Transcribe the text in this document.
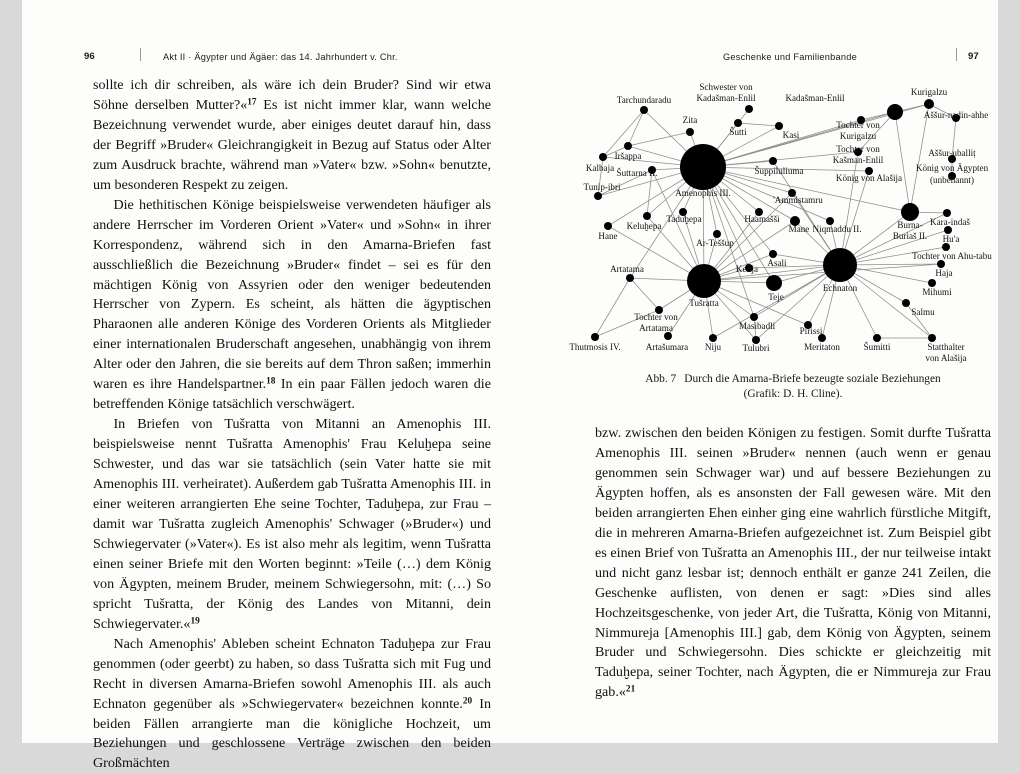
96	Akt II · Ägypter und Ägäer: das 14. Jahrhundert v. Chr.	Geschenke und Familienbande	97

sollte ich dir schreiben, als wäre ich dein Bruder? Sind wir etwa Söhne derselben Mutter?«$^{17}$ Es ist nicht immer klar, wann welche Bezeichnung verwendet wurde, aber einiges deutet darauf hin, dass der Begriff »Bruder« Gleichrangigkeit in Bezug auf Status oder Alter zum Ausdruck brachte, während man »Vater« bzw. »Sohn« benutzte, um besonderen Respekt zu zeigen.

Die hethitischen Könige beispielsweise verwendeten häufiger als andere Herrscher im Vorderen Orient »Vater« und »Sohn« in ihrer Korrespondenz, während sich in den Amarna-Briefen fast ausschließlich die Bezeichnung »Bruder« findet – sei es für den mächtigen König von Assyrien oder den weniger bedeutenden Herrscher von Zypern. Es scheint, als hätten die ägyptischen Pharaonen alle anderen Könige des Vorderen Orients als Mitglieder einer internationalen Bruderschaft angesehen, unabhängig von ihrem Alter oder den Jahren, die sie bereits auf dem Thron saßen; immerhin waren es ihre Handelspartner.$^{18}$ In ein paar Fällen jedoch waren die betreffenden Könige tatsächlich verschwägert.

In Briefen von Tušratta von Mitanni an Amenophis III. beispielsweise nennt Tušratta Amenophis' Frau Keluḫepa seine Schwester, und das war sie tatsächlich (sein Vater hatte sie mit Amenophis III. verheiratet). Außerdem gab Tušratta Amenophis III. in einer weiteren arrangierten Ehe seine Tochter, Taduḫepa, zur Frau – damit war Tušratta zugleich Amenophis' Schwager (»Bruder«) und Schwiegervater (»Vater«). Es ist also mehr als legitim, wenn Tušratta einen seiner Briefe mit den Worten beginnt: »Teile (…) dem König von Ägypten, meinem Bruder, meinem Schwiegersohn, mit: (…) So spricht Tušratta, der König des Landes von Mitanni, dein Schwiegervater.«$^{19}$

Nach Amenophis' Ableben scheint Echnaton Taduḫepa zur Frau genommen (oder geerbt) zu haben, so dass Tušratta sich mit Fug und Recht in diversen Amarna-Briefen sowohl Amenophis III. als auch Echnaton gegenüber als »Schwiegervater« bezeichnen konnte.$^{20}$ In beiden Fällen arrangierte man die königliche Hochzeit, um Beziehungen und geschlossene Verträge zwischen den beiden Großmächten

Amenophis III.
Tušratta
Echnaton
Burna-
Buriaš II.
Kadašman-Enlil
Teje
Schwester von
Kadašman-Enlil
Tarchundaradu
Zita
Šutti	Kasi
Kurigalzu
Aššur-nadin-ahhe
Aššur-uballiṭ
König von Ägypten
(unbenannt)
Iršappa
Kalbaja Šuttarna II.
Tunip-ibri
Šuppiluliuma
Tochter von
Kurigalzu
Tochter von
Kašman-Enlil
König von Alašija
'Ammistamru
Taduḫepa	Haamašši
Mane Niqmaddu II.
Kara-indaš
Hu'a
Keluḫepa
Hane
Ar-Teššup
Tochter von Ahu-tabu
Asali
Kelija	Haja
Mihumi
Artatama
Salmu
Masibadli	Pirissi
Tochter von
Artatama
Thutmosis IV.	Artašumara Niju Tulubri	Meritaton	Šumitti	Statthalter
von Alašija
Abb. 7 Durch die Amarna-Briefe bezeugte soziale Beziehungen
(Grafik: D. H. Cline).

bzw. zwischen den beiden Königen zu festigen. Somit durfte Tušratta Amenophis III. seinen »Bruder« nennen (auch wenn er genau genommen sein Schwager war) und auf bessere Beziehungen zu Ägypten hoffen, als es ansonsten der Fall gewesen wäre. Mit den beiden arrangierten Ehen einher ging eine wahrlich fürstliche Mitgift, die in mehreren Amarna-Briefen aufgezeichnet ist. Zum Beispiel gibt es einen Brief von Tušratta an Amenophis III., der nur teilweise intakt und nicht ganz lesbar ist; dennoch enthält er ganze 241 Zeilen, die Geschenke auflisten, von denen er sagt: »Dies sind alles Hochzeitsgeschenke, von jeder Art, die Tušratta, König von Mitanni, Nimmureja [Amenophis III.] gab, dem König von Ägypten, seinem Bruder und Schwiegersohn. Dies schickte er gleichzeitig mit Taduḫepa, seiner Tochter, nach Ägypten, die er Nimmureja zur Frau gab.«$^{21}$
